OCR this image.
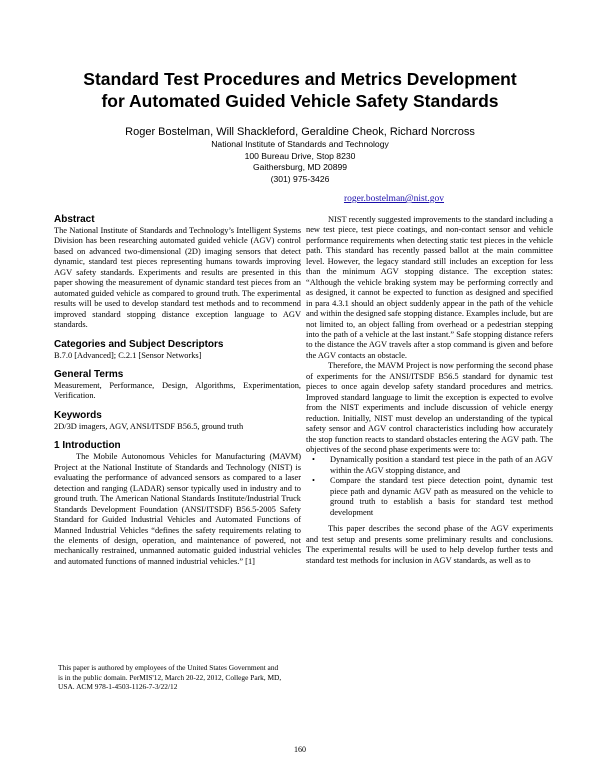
Standard Test Procedures and Metrics Development
for Automated Guided Vehicle Safety Standards
Roger Bostelman, Will Shackleford, Geraldine Cheok, Richard Norcross
National Institute of Standards and Technology
100 Bureau Drive, Stop 8230
Gaithersburg, MD 20899
(301) 975-3426
roger.bostelman@nist.gov
Abstract

The National Institute of Standards and Technology’s Intelligent Systems Division has been researching automated guided vehicle (AGV) control based on advanced two-dimensional (2D) imaging sensors that detect dynamic, standard test pieces representing humans towards improving AGV safety standards. Experiments and results are presented in this paper showing the measurement of dynamic standard test pieces from an automated guided vehicle as compared to ground truth. The experimental results will be used to develop standard test methods and to recommend improved standard stopping distance exception language to AGV standards.

Categories and Subject Descriptors

B.7.0 [Advanced]; C.2.1 [Sensor Networks]

General Terms

Measurement, Performance, Design, Algorithms, Experimentation, Verification.

Keywords

2D/3D imagers, AGV, ANSI/ITSDF B56.5, ground truth

1 Introduction

The Mobile Autonomous Vehicles for Manufacturing (MAVM) Project at the National Institute of Standards and Technology (NIST) is evaluating the performance of advanced sensors as compared to a laser detection and ranging (LADAR) sensor typically used in industry and to ground truth. The American National Standards Institute/Industrial Truck Standards Development Foundation (ANSI/ITSDF) B56.5-2005 Safety Standard for Guided Industrial Vehicles and Automated Functions of Manned Industrial Vehicles “defines the safety requirements relating to the elements of design, operation, and maintenance of powered, not mechanically restrained, unmanned automatic guided industrial vehicles and automated functions of manned industrial vehicles.” [1]

This paper is authored by employees of the United States Government and is in the public domain. PerMIS'12, March 20-22, 2012, College Park, MD, USA. ACM 978-1-4503-1126-7-3/22/12

NIST recently suggested improvements to the standard including a new test piece, test piece coatings, and non-contact sensor and vehicle performance requirements when detecting static test pieces in the vehicle path. This standard has recently passed ballot at the main committee level. However, the legacy standard still includes an exception for less than the minimum AGV stopping distance. The exception states: “Although the vehicle braking system may be performing correctly and as designed, it cannot be expected to function as designed and specified in para 4.3.1 should an object suddenly appear in the path of the vehicle and within the designed safe stopping distance. Examples include, but are not limited to, an object falling from overhead or a pedestrian stepping into the path of a vehicle at the last instant.” Safe stopping distance refers to the distance the AGV travels after a stop command is given and before the AGV contacts an obstacle.

Therefore, the MAVM Project is now performing the second phase of experiments for the ANSI/ITSDF B56.5 standard for dynamic test pieces to once again develop safety standard procedures and metrics. Improved standard language to limit the exception is expected to evolve from the NIST experiments and include discussion of vehicle energy reduction. Initially, NIST must develop an understanding of the typical safety sensor and AGV control characteristics including how accurately the stop function reacts to standard obstacles entering the AGV path. The objectives of the second phase experiments were to:

• Dynamically position a standard test piece in the path of an AGV within the AGV stopping distance, and
• Compare the standard test piece detection point, dynamic test piece path and dynamic AGV path as measured on the vehicle to ground truth to establish a basis for standard test method development

This paper describes the second phase of the AGV experiments and test setup and presents some preliminary results and conclusions. The experimental results will be used to help develop further tests and standard test methods for inclusion in AGV standards, as well as to

160
